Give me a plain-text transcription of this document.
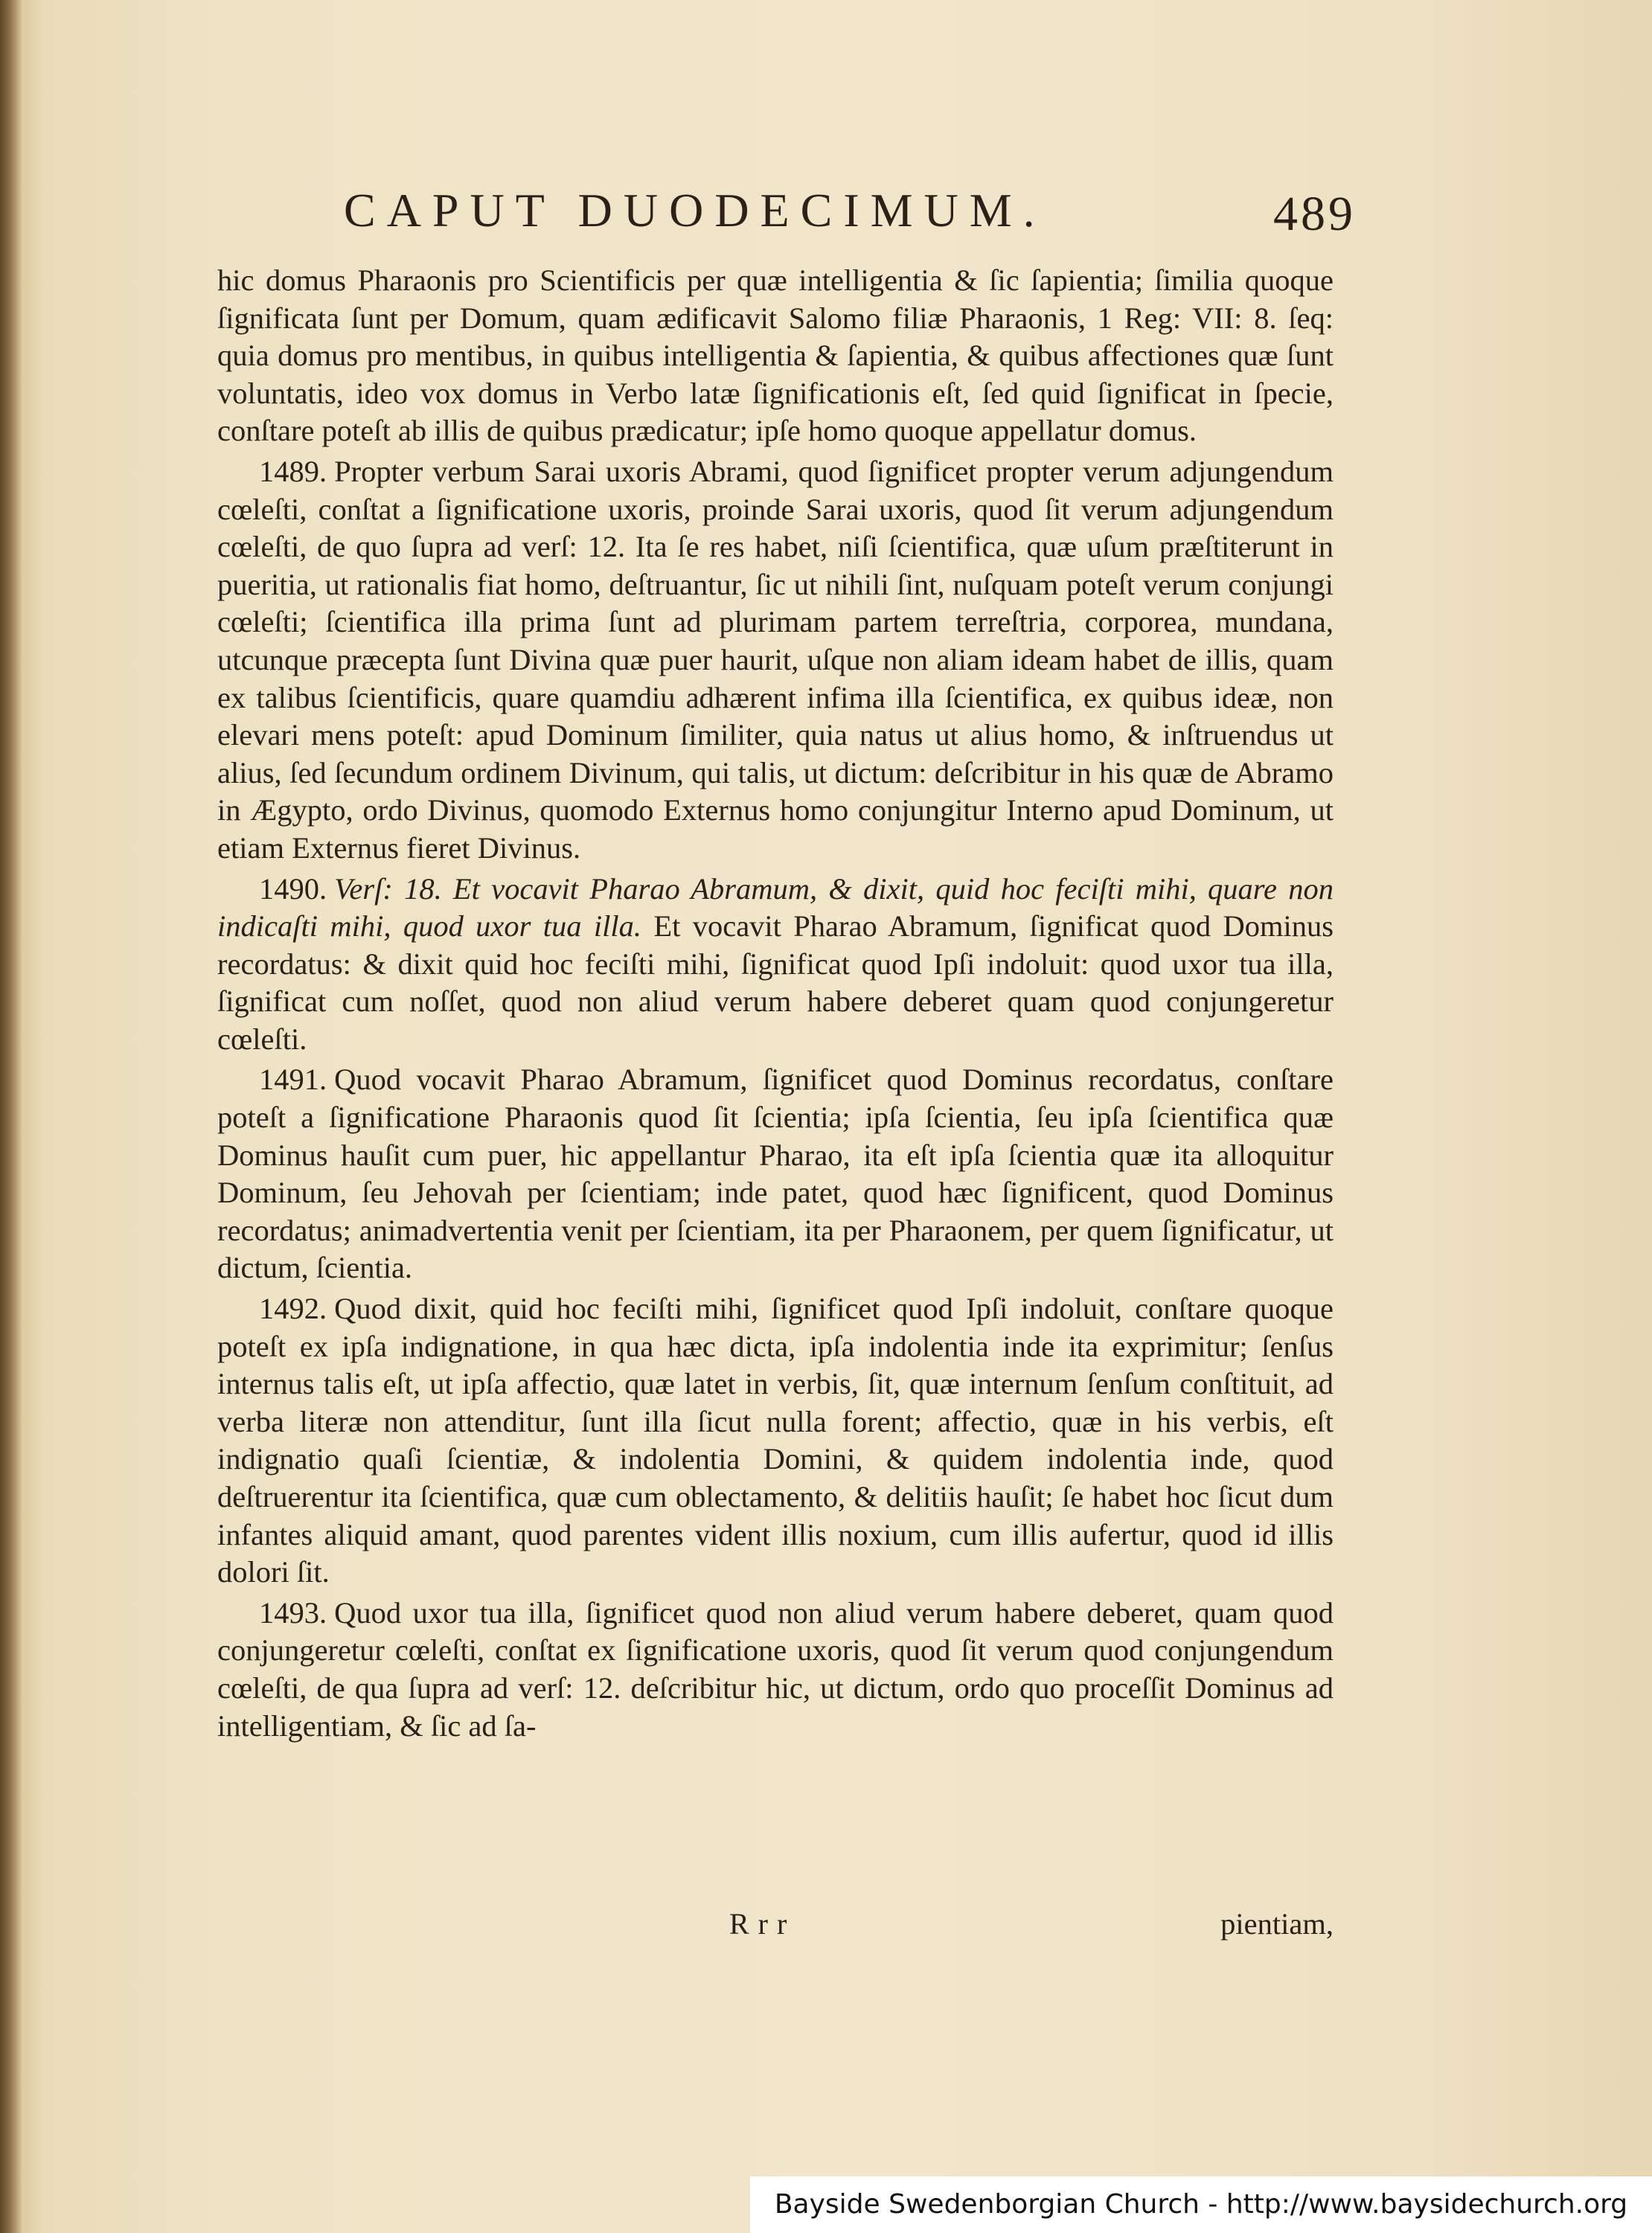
CAPUT DUODECIMUM.	489

hic domus Pharaonis pro Scientificis per quæ intelligentia & ſic ſapientia; ſimilia quoque ſignificata ſunt per Domum, quam ædificavit Salomo filiæ Pharaonis, 1 Reg: VII: 8. ſeq: quia domus pro mentibus, in quibus intelligentia & ſapientia, & quibus affectiones quæ ſunt voluntatis, ideo vox domus in Verbo latæ ſignificationis eſt, ſed quid ſignificat in ſpecie, conſtare poteſt ab illis de quibus prædicatur; ipſe homo quoque appellatur domus.

1489. Propter verbum Sarai uxoris Abrami, quod ſignificet propter verum adjungendum cœleſti, conſtat a ſignificatione uxoris, proinde Sarai uxoris, quod ſit verum adjungendum cœleſti, de quo ſupra ad verſ: 12. Ita ſe res habet, niſi ſcientifica, quæ uſum præſtiterunt in pueritia, ut rationalis fiat homo, deſtruantur, ſic ut nihili ſint, nuſquam poteſt verum conjungi cœleſti; ſcientifica illa prima ſunt ad plurimam partem terreſtria, corporea, mundana, utcunque præcepta ſunt Divina quæ puer haurit, uſque non aliam ideam habet de illis, quam ex talibus ſcientificis, quare quamdiu adhærent infima illa ſcientifica, ex quibus ideæ, non elevari mens poteſt: apud Dominum ſimiliter, quia natus ut alius homo, & inſtruendus ut alius, ſed ſecundum ordinem Divinum, qui talis, ut dictum: deſcribitur in his quæ de Abramo in Ægypto, ordo Divinus, quomodo Externus homo conjungitur Interno apud Dominum, ut etiam Externus fieret Divinus.

1490. Verſ: 18. Et vocavit Pharao Abramum, & dixit, quid hoc feciſti mihi, quare non indicaſti mihi, quod uxor tua illa. Et vocavit Pharao Abramum, ſignificat quod Dominus recordatus: & dixit quid hoc feciſti mihi, ſignificat quod Ipſi indoluit: quod uxor tua illa, ſignificat cum noſſet, quod non aliud verum habere deberet quam quod conjungeretur cœleſti.

1491. Quod vocavit Pharao Abramum, ſignificet quod Dominus recordatus, conſtare poteſt a ſignificatione Pharaonis quod ſit ſcientia; ipſa ſcientia, ſeu ipſa ſcientifica quæ Dominus hauſit cum puer, hic appellantur Pharao, ita eſt ipſa ſcientia quæ ita alloquitur Dominum, ſeu Jehovah per ſcientiam; inde patet, quod hæc ſignificent, quod Dominus recordatus; animadvertentia venit per ſcientiam, ita per Pharaonem, per quem ſignificatur, ut dictum, ſcientia.

1492. Quod dixit, quid hoc feciſti mihi, ſignificet quod Ipſi indoluit, conſtare quoque poteſt ex ipſa indignatione, in qua hæc dicta, ipſa indolentia inde ita exprimitur; ſenſus internus talis eſt, ut ipſa affectio, quæ latet in verbis, ſit, quæ internum ſenſum conſtituit, ad verba literæ non attenditur, ſunt illa ſicut nulla forent; affectio, quæ in his verbis, eſt indignatio quaſi ſcientiæ, & indolentia Domini, & quidem indolentia inde, quod deſtruerentur ita ſcientifica, quæ cum oblectamento, & delitiis hauſit; ſe habet hoc ſicut dum infantes aliquid amant, quod parentes vident illis noxium, cum illis aufertur, quod id illis dolori ſit.

1493. Quod uxor tua illa, ſignificet quod non aliud verum habere deberet, quam quod conjungeretur cœleſti, conſtat ex ſignificatione uxoris, quod ſit verum quod conjungendum cœleſti, de qua ſupra ad verſ: 12. deſcribitur hic, ut dictum, ordo quo proceſſit Dominus ad intelligentiam, & ſic ad ſa-

Rrr	pientiam,
Bayside Swedenborgian Church - http://www.baysidechurch.org
